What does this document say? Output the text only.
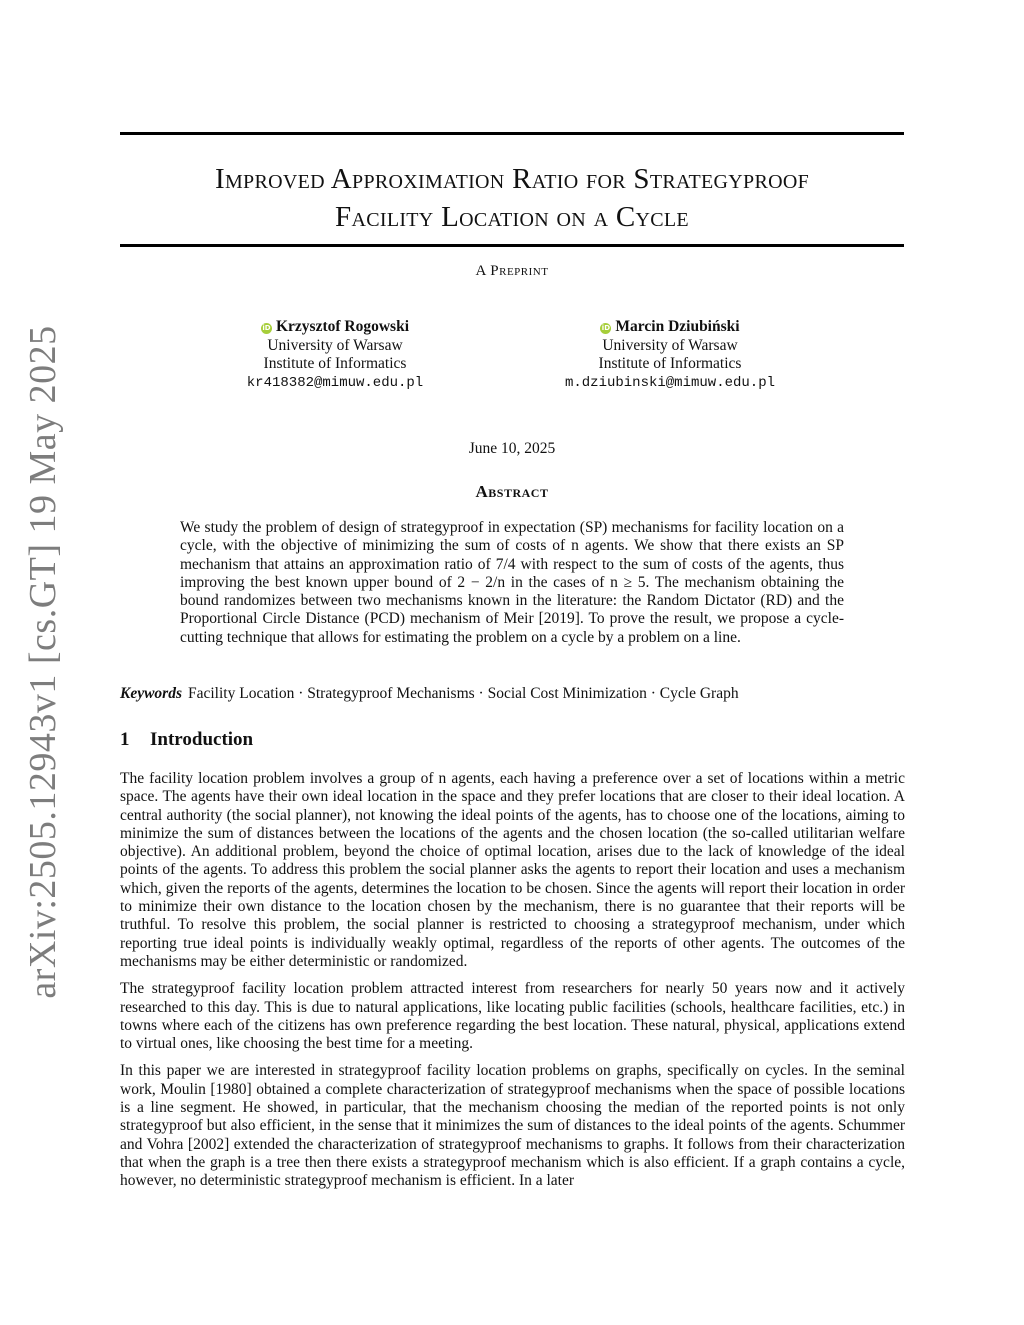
arXiv:2505.12943v1 [cs.GT] 19 May 2025
Improved Approximation Ratio for Strategyproof
Facility Location on a Cycle
A Preprint
iD Krzysztof Rogowski
University of Warsaw
Institute of Informatics
kr418382@mimuw.edu.pl
iD Marcin Dziubiński
University of Warsaw
Institute of Informatics
m.dziubinski@mimuw.edu.pl
June 10, 2025
Abstract
We study the problem of design of strategyproof in expectation (SP) mechanisms for facility location on a cycle, with the objective of minimizing the sum of costs of n agents. We show that there exists an SP mechanism that attains an approximation ratio of 7/4 with respect to the sum of costs of the agents, thus improving the best known upper bound of 2 − 2/n in the cases of n ≥ 5. The mechanism obtaining the bound randomizes between two mechanisms known in the literature: the Random Dictator (RD) and the Proportional Circle Distance (PCD) mechanism of Meir [2019]. To prove the result, we propose a cycle-cutting technique that allows for estimating the problem on a cycle by a problem on a line.
Keywords Facility Location · Strategyproof Mechanisms · Social Cost Minimization · Cycle Graph
1 Introduction

The facility location problem involves a group of n agents, each having a preference over a set of locations within a metric space. The agents have their own ideal location in the space and they prefer locations that are closer to their ideal location. A central authority (the social planner), not knowing the ideal points of the agents, has to choose one of the locations, aiming to minimize the sum of distances between the locations of the agents and the chosen location (the so-called utilitarian welfare objective). An additional problem, beyond the choice of optimal location, arises due to the lack of knowledge of the ideal points of the agents. To address this problem the social planner asks the agents to report their location and uses a mechanism which, given the reports of the agents, determines the location to be chosen. Since the agents will report their location in order to minimize their own distance to the location chosen by the mechanism, there is no guarantee that their reports will be truthful. To resolve this problem, the social planner is restricted to choosing a strategyproof mechanism, under which reporting true ideal points is individually weakly optimal, regardless of the reports of other agents. The outcomes of the mechanisms may be either deterministic or randomized.

The strategyproof facility location problem attracted interest from researchers for nearly 50 years now and it actively researched to this day. This is due to natural applications, like locating public facilities (schools, healthcare facilities, etc.) in towns where each of the citizens has own preference regarding the best location. These natural, physical, applications extend to virtual ones, like choosing the best time for a meeting.

In this paper we are interested in strategyproof facility location problems on graphs, specifically on cycles. In the seminal work, Moulin [1980] obtained a complete characterization of strategyproof mechanisms when the space of possible locations is a line segment. He showed, in particular, that the mechanism choosing the median of the reported points is not only strategyproof but also efficient, in the sense that it minimizes the sum of distances to the ideal points of the agents. Schummer and Vohra [2002] extended the characterization of strategyproof mechanisms to graphs. It follows from their characterization that when the graph is a tree then there exists a strategyproof mechanism which is also efficient. If a graph contains a cycle, however, no deterministic strategyproof mechanism is efficient. In a later
